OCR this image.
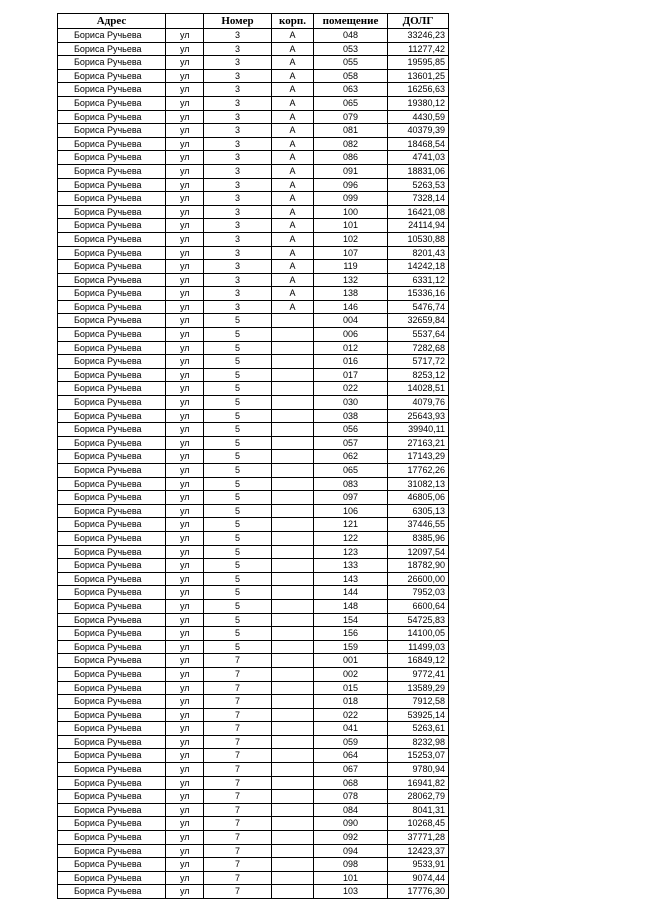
Адрес		Номер	корп.	помещение	ДОЛГ
Бориса Ручьева	ул	3	А	048	33246,23
Бориса Ручьева	ул	3	А	053	11277,42
Бориса Ручьева	ул	3	А	055	19595,85
Бориса Ручьева	ул	3	А	058	13601,25
Бориса Ручьева	ул	3	А	063	16256,63
Бориса Ручьева	ул	3	А	065	19380,12
Бориса Ручьева	ул	3	А	079	4430,59
Бориса Ручьева	ул	3	А	081	40379,39
Бориса Ручьева	ул	3	А	082	18468,54
Бориса Ручьева	ул	3	А	086	4741,03
Бориса Ручьева	ул	3	А	091	18831,06
Бориса Ручьева	ул	3	А	096	5263,53
Бориса Ручьева	ул	3	А	099	7328,14
Бориса Ручьева	ул	3	А	100	16421,08
Бориса Ручьева	ул	3	А	101	24114,94
Бориса Ручьева	ул	3	А	102	10530,88
Бориса Ручьева	ул	3	А	107	8201,43
Бориса Ручьева	ул	3	А	119	14242,18
Бориса Ручьева	ул	3	А	132	6331,12
Бориса Ручьева	ул	3	А	138	15336,16
Бориса Ручьева	ул	3	А	146	5476,74
Бориса Ручьева	ул	5		004	32659,84
Бориса Ручьева	ул	5		006	5537,64
Бориса Ручьева	ул	5		012	7282,68
Бориса Ручьева	ул	5		016	5717,72
Бориса Ручьева	ул	5		017	8253,12
Бориса Ручьева	ул	5		022	14028,51
Бориса Ручьева	ул	5		030	4079,76
Бориса Ручьева	ул	5		038	25643,93
Бориса Ручьева	ул	5		056	39940,11
Бориса Ручьева	ул	5		057	27163,21
Бориса Ручьева	ул	5		062	17143,29
Бориса Ручьева	ул	5		065	17762,26
Бориса Ручьева	ул	5		083	31082,13
Бориса Ручьева	ул	5		097	46805,06
Бориса Ручьева	ул	5		106	6305,13
Бориса Ручьева	ул	5		121	37446,55
Бориса Ручьева	ул	5		122	8385,96
Бориса Ручьева	ул	5		123	12097,54
Бориса Ручьева	ул	5		133	18782,90
Бориса Ручьева	ул	5		143	26600,00
Бориса Ручьева	ул	5		144	7952,03
Бориса Ручьева	ул	5		148	6600,64
Бориса Ручьева	ул	5		154	54725,83
Бориса Ручьева	ул	5		156	14100,05
Бориса Ручьева	ул	5		159	11499,03
Бориса Ручьева	ул	7		001	16849,12
Бориса Ручьева	ул	7		002	9772,41
Бориса Ручьева	ул	7		015	13589,29
Бориса Ручьева	ул	7		018	7912,58
Бориса Ручьева	ул	7		022	53925,14
Бориса Ручьева	ул	7		041	5263,61
Бориса Ручьева	ул	7		059	8232,98
Бориса Ручьева	ул	7		064	15253,07
Бориса Ручьева	ул	7		067	9780,94
Бориса Ручьева	ул	7		068	16941,82
Бориса Ручьева	ул	7		078	28062,79
Бориса Ручьева	ул	7		084	8041,31
Бориса Ручьева	ул	7		090	10268,45
Бориса Ручьева	ул	7		092	37771,28
Бориса Ручьева	ул	7		094	12423,37
Бориса Ручьева	ул	7		098	9533,91
Бориса Ручьева	ул	7		101	9074,44
Бориса Ручьева	ул	7		103	17776,30
